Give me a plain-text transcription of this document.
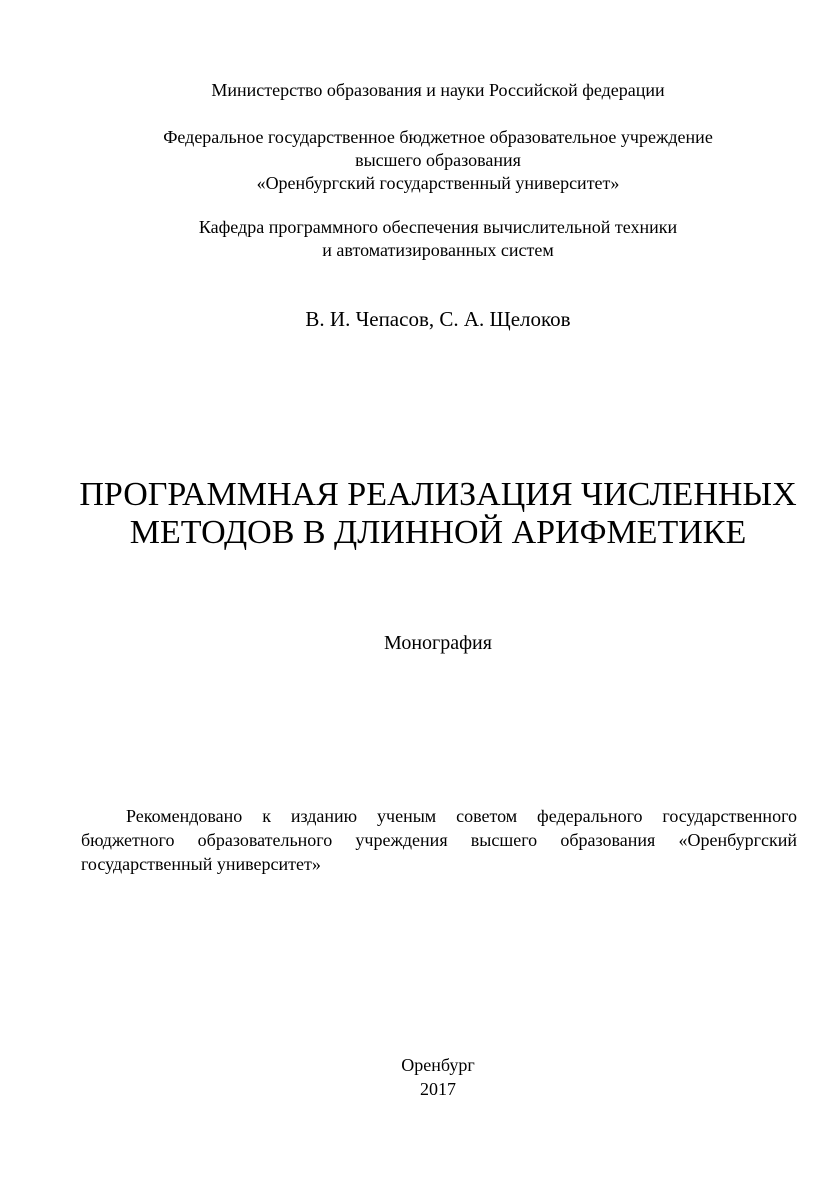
Министерство образования и науки Российской федерации
Федеральное государственное бюджетное образовательное учреждение
высшего образования
«Оренбургский государственный университет»
Кафедра программного обеспечения вычислительной техники
и автоматизированных систем
В. И. Чепасов, С. А. Щелоков
ПРОГРАММНАЯ РЕАЛИЗАЦИЯ ЧИСЛЕННЫХ
МЕТОДОВ В ДЛИННОЙ АРИФМЕТИКЕ
Монография
Рекомендовано к изданию ученым советом федерального государственного бюджетного образовательного учреждения высшего образования «Оренбургский государственный университет»
Оренбург
2017
